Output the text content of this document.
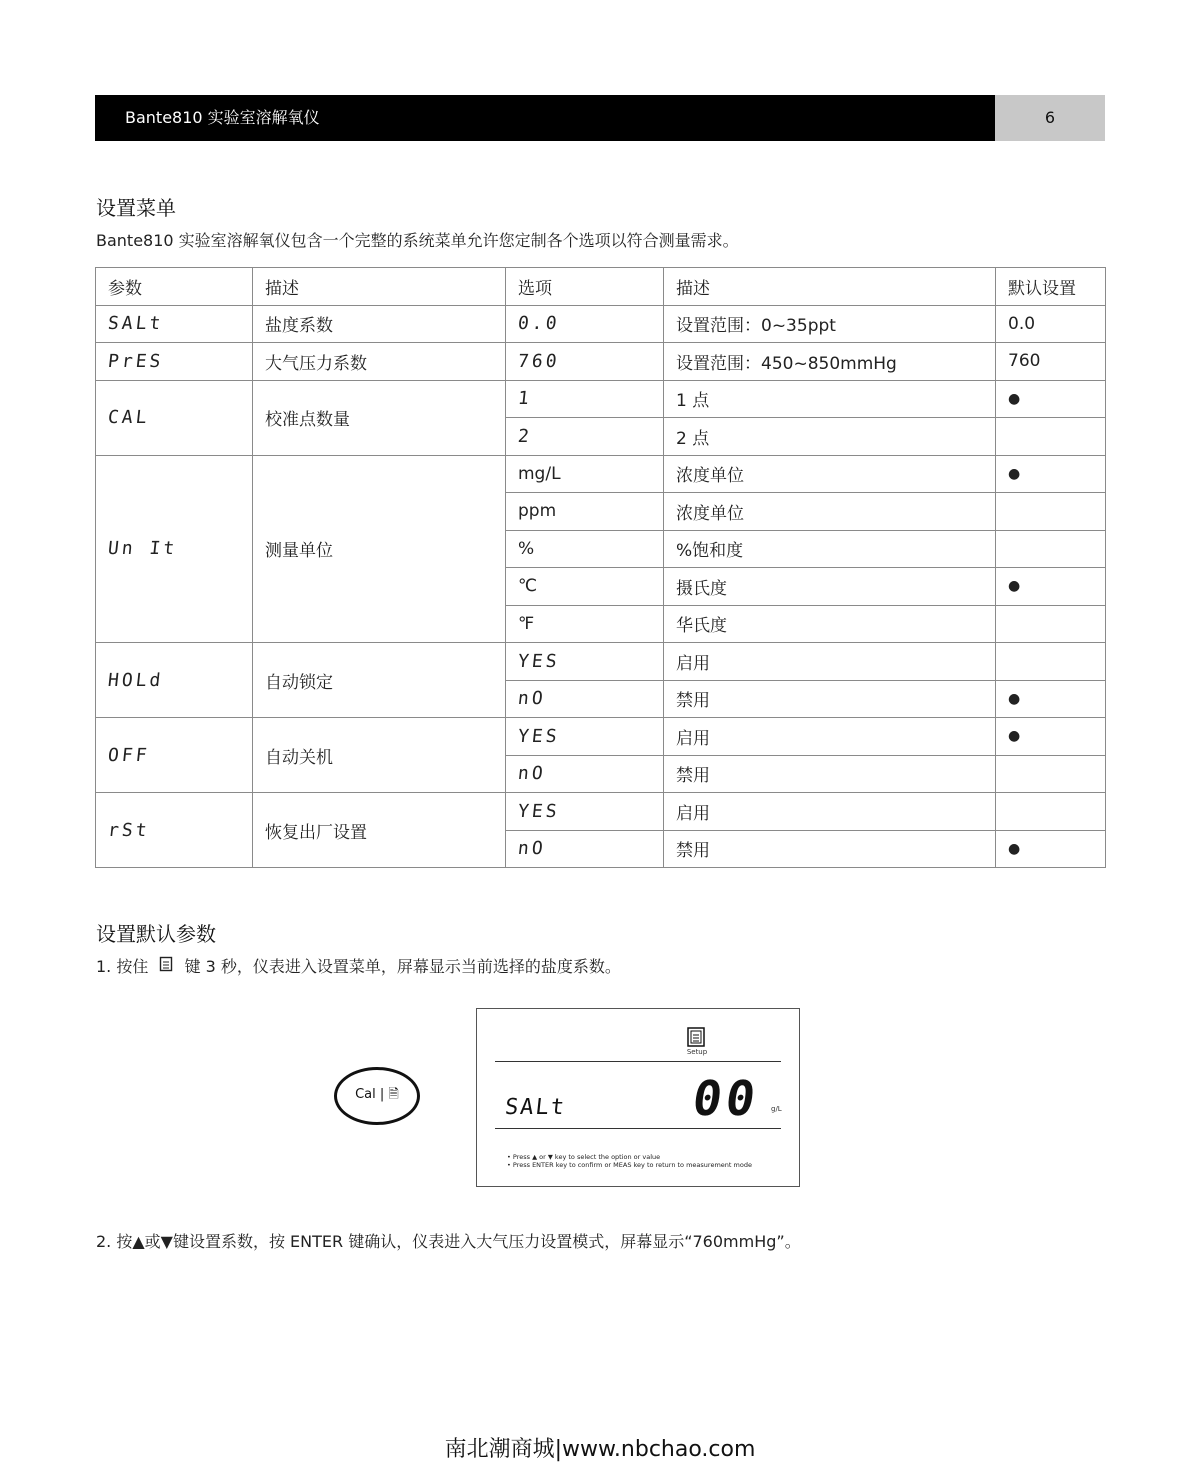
Bante810 实验室溶解氧仪	6
设置菜单

Bante810 实验室溶解氧仪包含一个完整的系统菜单允许您定制各个选项以符合测量需求。

参数	描述	选项	描述	默认设置
SALt	盐度系数	0.0	设置范围：0~35ppt	0.0
PrES	大气压力系数	760	设置范围：450~850mmHg	760
CAL	校准点数量	1	1 点	●
		2	2 点	
Un It	测量单位	mg/L	浓度单位	●
		ppm	浓度单位	
		%	%饱和度	
		℃	摄氏度	●
		℉	华氏度	
HOLd	自动锁定	YES	启用	
		nO	禁用	●
OFF	自动关机	YES	启用	●
		nO	禁用	
rSt	恢复出厂设置	YES	启用	
		nO	禁用	●
设置默认参数

1. 按住 键 3 秒，仪表进入设置菜单，屏幕显示当前选择的盐度系数。

Cal | 🗎
Setup
SALt	00 g/L
• Press ▲ or ▼ key to select the option or value
• Press ENTER key to confirm or MEAS key to return to measurement mode

2. 按▲或▼键设置系数，按 ENTER 键确认，仪表进入大气压力设置模式，屏幕显示“760mmHg”。

南北潮商城|www.nbchao.com
